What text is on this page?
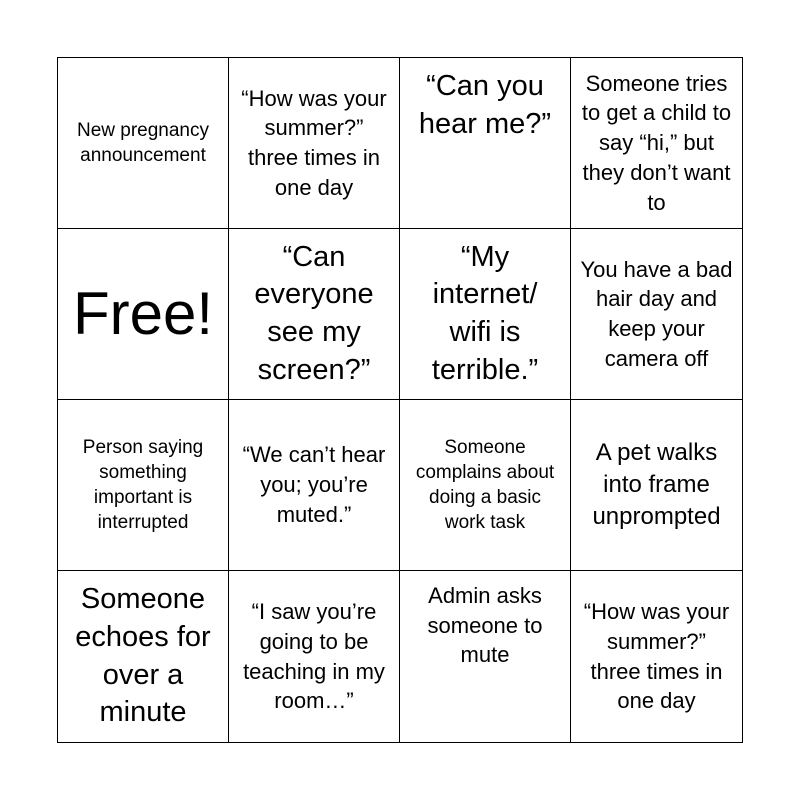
New pregnancy announcement
“How was your summer?” three times in one day
“Can you hear me?”
Someone tries to get a child to say “hi,” but they don’t want to
Free!
“Can everyone see my screen?”
“My internet/ wifi is terrible.”
You have a bad hair day and keep your camera off
Person saying something important is interrupted
“We can’t hear you; you’re muted.”
Someone complains about doing a basic work task
A pet walks into frame unprompted
Someone echoes for over a minute
“I saw you’re going to be teaching in my room…”
Admin asks someone to mute
“How was your summer?” three times in one day
